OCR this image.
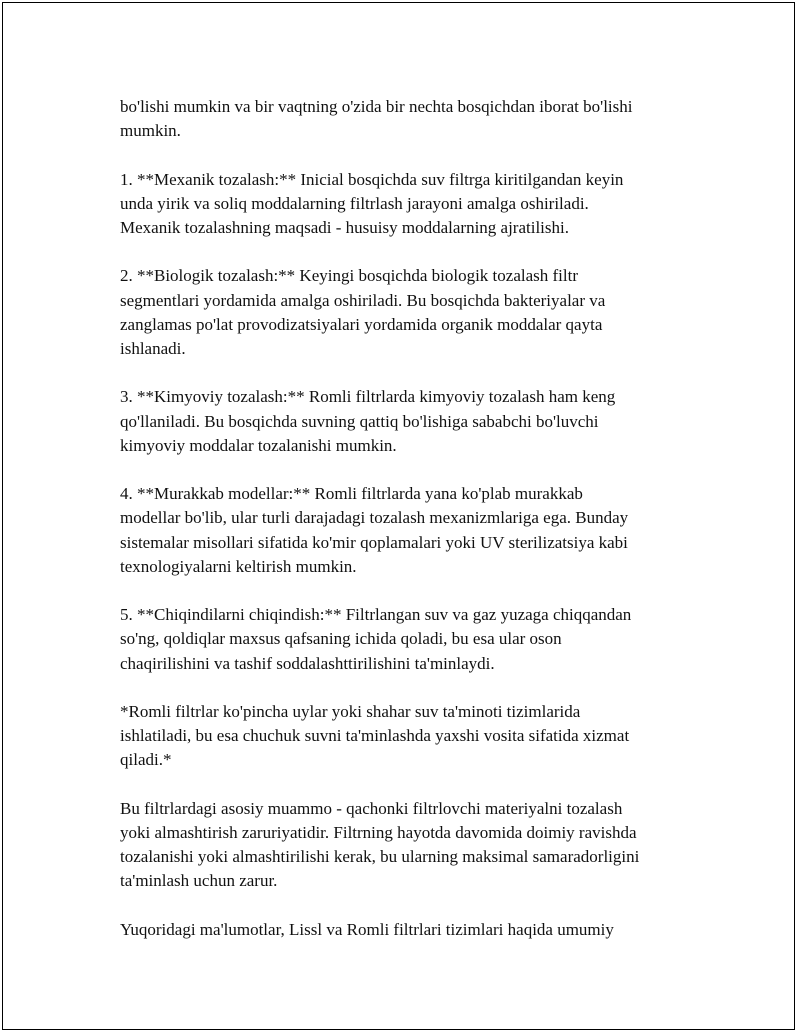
bo'lishi mumkin va bir vaqtning o'zida bir nechta bosqichdan iborat bo'lishi
mumkin.

1. **Mexanik tozalash:** Inicial bosqichda suv filtrga kiritilgandan keyin
unda yirik va soliq moddalarning filtrlash jarayoni amalga oshiriladi.
Mexanik tozalashning maqsadi - husuisy moddalarning ajratilishi.

2. **Biologik tozalash:** Keyingi bosqichda biologik tozalash filtr
segmentlari yordamida amalga oshiriladi. Bu bosqichda bakteriyalar va
zanglamas po'lat provodizatsiyalari yordamida organik moddalar qayta
ishlanadi.

3. **Kimyoviy tozalash:** Romli filtrlarda kimyoviy tozalash ham keng
qo'llaniladi. Bu bosqichda suvning qattiq bo'lishiga sababchi bo'luvchi
kimyoviy moddalar tozalanishi mumkin.

4. **Murakkab modellar:** Romli filtrlarda yana ko'plab murakkab
modellar bo'lib, ular turli darajadagi tozalash mexanizmlariga ega. Bunday
sistemalar misollari sifatida ko'mir qoplamalari yoki UV sterilizatsiya kabi
texnologiyalarni keltirish mumkin.

5. **Chiqindilarni chiqindish:** Filtrlangan suv va gaz yuzaga chiqqandan
so'ng, qoldiqlar maxsus qafsaning ichida qoladi, bu esa ular oson
chaqirilishini va tashif soddalashttirilishini ta'minlaydi.

*Romli filtrlar ko'pincha uylar yoki shahar suv ta'minoti tizimlarida
ishlatiladi, bu esa chuchuk suvni ta'minlashda yaxshi vosita sifatida xizmat
qiladi.*

Bu filtrlardagi asosiy muammo - qachonki filtrlovchi materiyalni tozalash
yoki almashtirish zaruriyatidir. Filtrning hayotda davomida doimiy ravishda
tozalanishi yoki almashtirilishi kerak, bu ularning maksimal samaradorligini
ta'minlash uchun zarur.

Yuqoridagi ma'lumotlar, Lissl va Romli filtrlari tizimlari haqida umumiy
